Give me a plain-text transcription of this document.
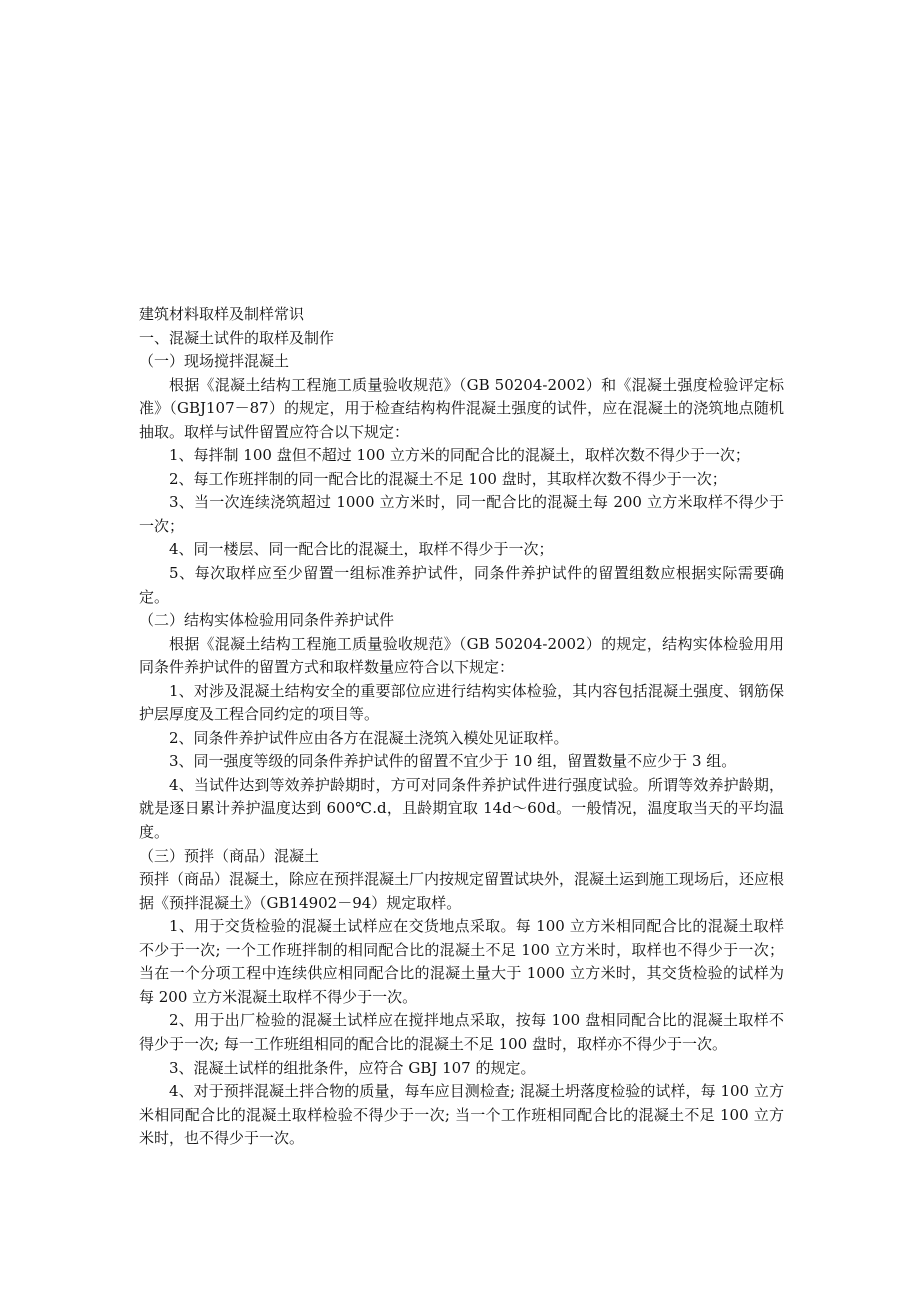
建筑材料取样及制样常识

一、混凝土试件的取样及制作

（一）现场搅拌混凝土

根据《混凝土结构工程施工质量验收规范》（GB 50204-2002）和《混凝土强度检验评定标准》（GBJ107－87）的规定，用于检查结构构件混凝土强度的试件，应在混凝土的浇筑地点随机抽取。取样与试件留置应符合以下规定：

1、每拌制 100 盘但不超过 100 立方米的同配合比的混凝土，取样次数不得少于一次；

2、每工作班拌制的同一配合比的混凝土不足 100 盘时，其取样次数不得少于一次；

3、当一次连续浇筑超过 1000 立方米时，同一配合比的混凝土每 200 立方米取样不得少于一次；

4、同一楼层、同一配合比的混凝土，取样不得少于一次；

5、每次取样应至少留置一组标准养护试件，同条件养护试件的留置组数应根据实际需要确定。

（二）结构实体检验用同条件养护试件

根据《混凝土结构工程施工质量验收规范》（GB 50204-2002）的规定，结构实体检验用用同条件养护试件的留置方式和取样数量应符合以下规定：

1、对涉及混凝土结构安全的重要部位应进行结构实体检验，其内容包括混凝土强度、钢筋保护层厚度及工程合同约定的项目等。

2、同条件养护试件应由各方在混凝土浇筑入模处见证取样。

3、同一强度等级的同条件养护试件的留置不宜少于 10 组，留置数量不应少于 3 组。

4、当试件达到等效养护龄期时，方可对同条件养护试件进行强度试验。所谓等效养护龄期，就是逐日累计养护温度达到 600℃.d，且龄期宜取 14d～60d。一般情况，温度取当天的平均温度。

（三）预拌（商品）混凝土

预拌（商品）混凝土，除应在预拌混凝土厂内按规定留置试块外，混凝土运到施工现场后，还应根据《预拌混凝土》（GB14902－94）规定取样。

1、用于交货检验的混凝土试样应在交货地点采取。每 100 立方米相同配合比的混凝土取样不少于一次; 一个工作班拌制的相同配合比的混凝土不足 100 立方米时，取样也不得少于一次；当在一个分项工程中连续供应相同配合比的混凝土量大于 1000 立方米时，其交货检验的试样为每 200 立方米混凝土取样不得少于一次。

2、用于出厂检验的混凝土试样应在搅拌地点采取，按每 100 盘相同配合比的混凝土取样不得少于一次; 每一工作班组相同的配合比的混凝土不足 100 盘时，取样亦不得少于一次。

3、混凝土试样的组批条件，应符合 GBJ 107 的规定。

4、对于预拌混凝土拌合物的质量，每车应目测检查; 混凝土坍落度检验的试样，每 100 立方米相同配合比的混凝土取样检验不得少于一次; 当一个工作班相同配合比的混凝土不足 100 立方米时，也不得少于一次。
